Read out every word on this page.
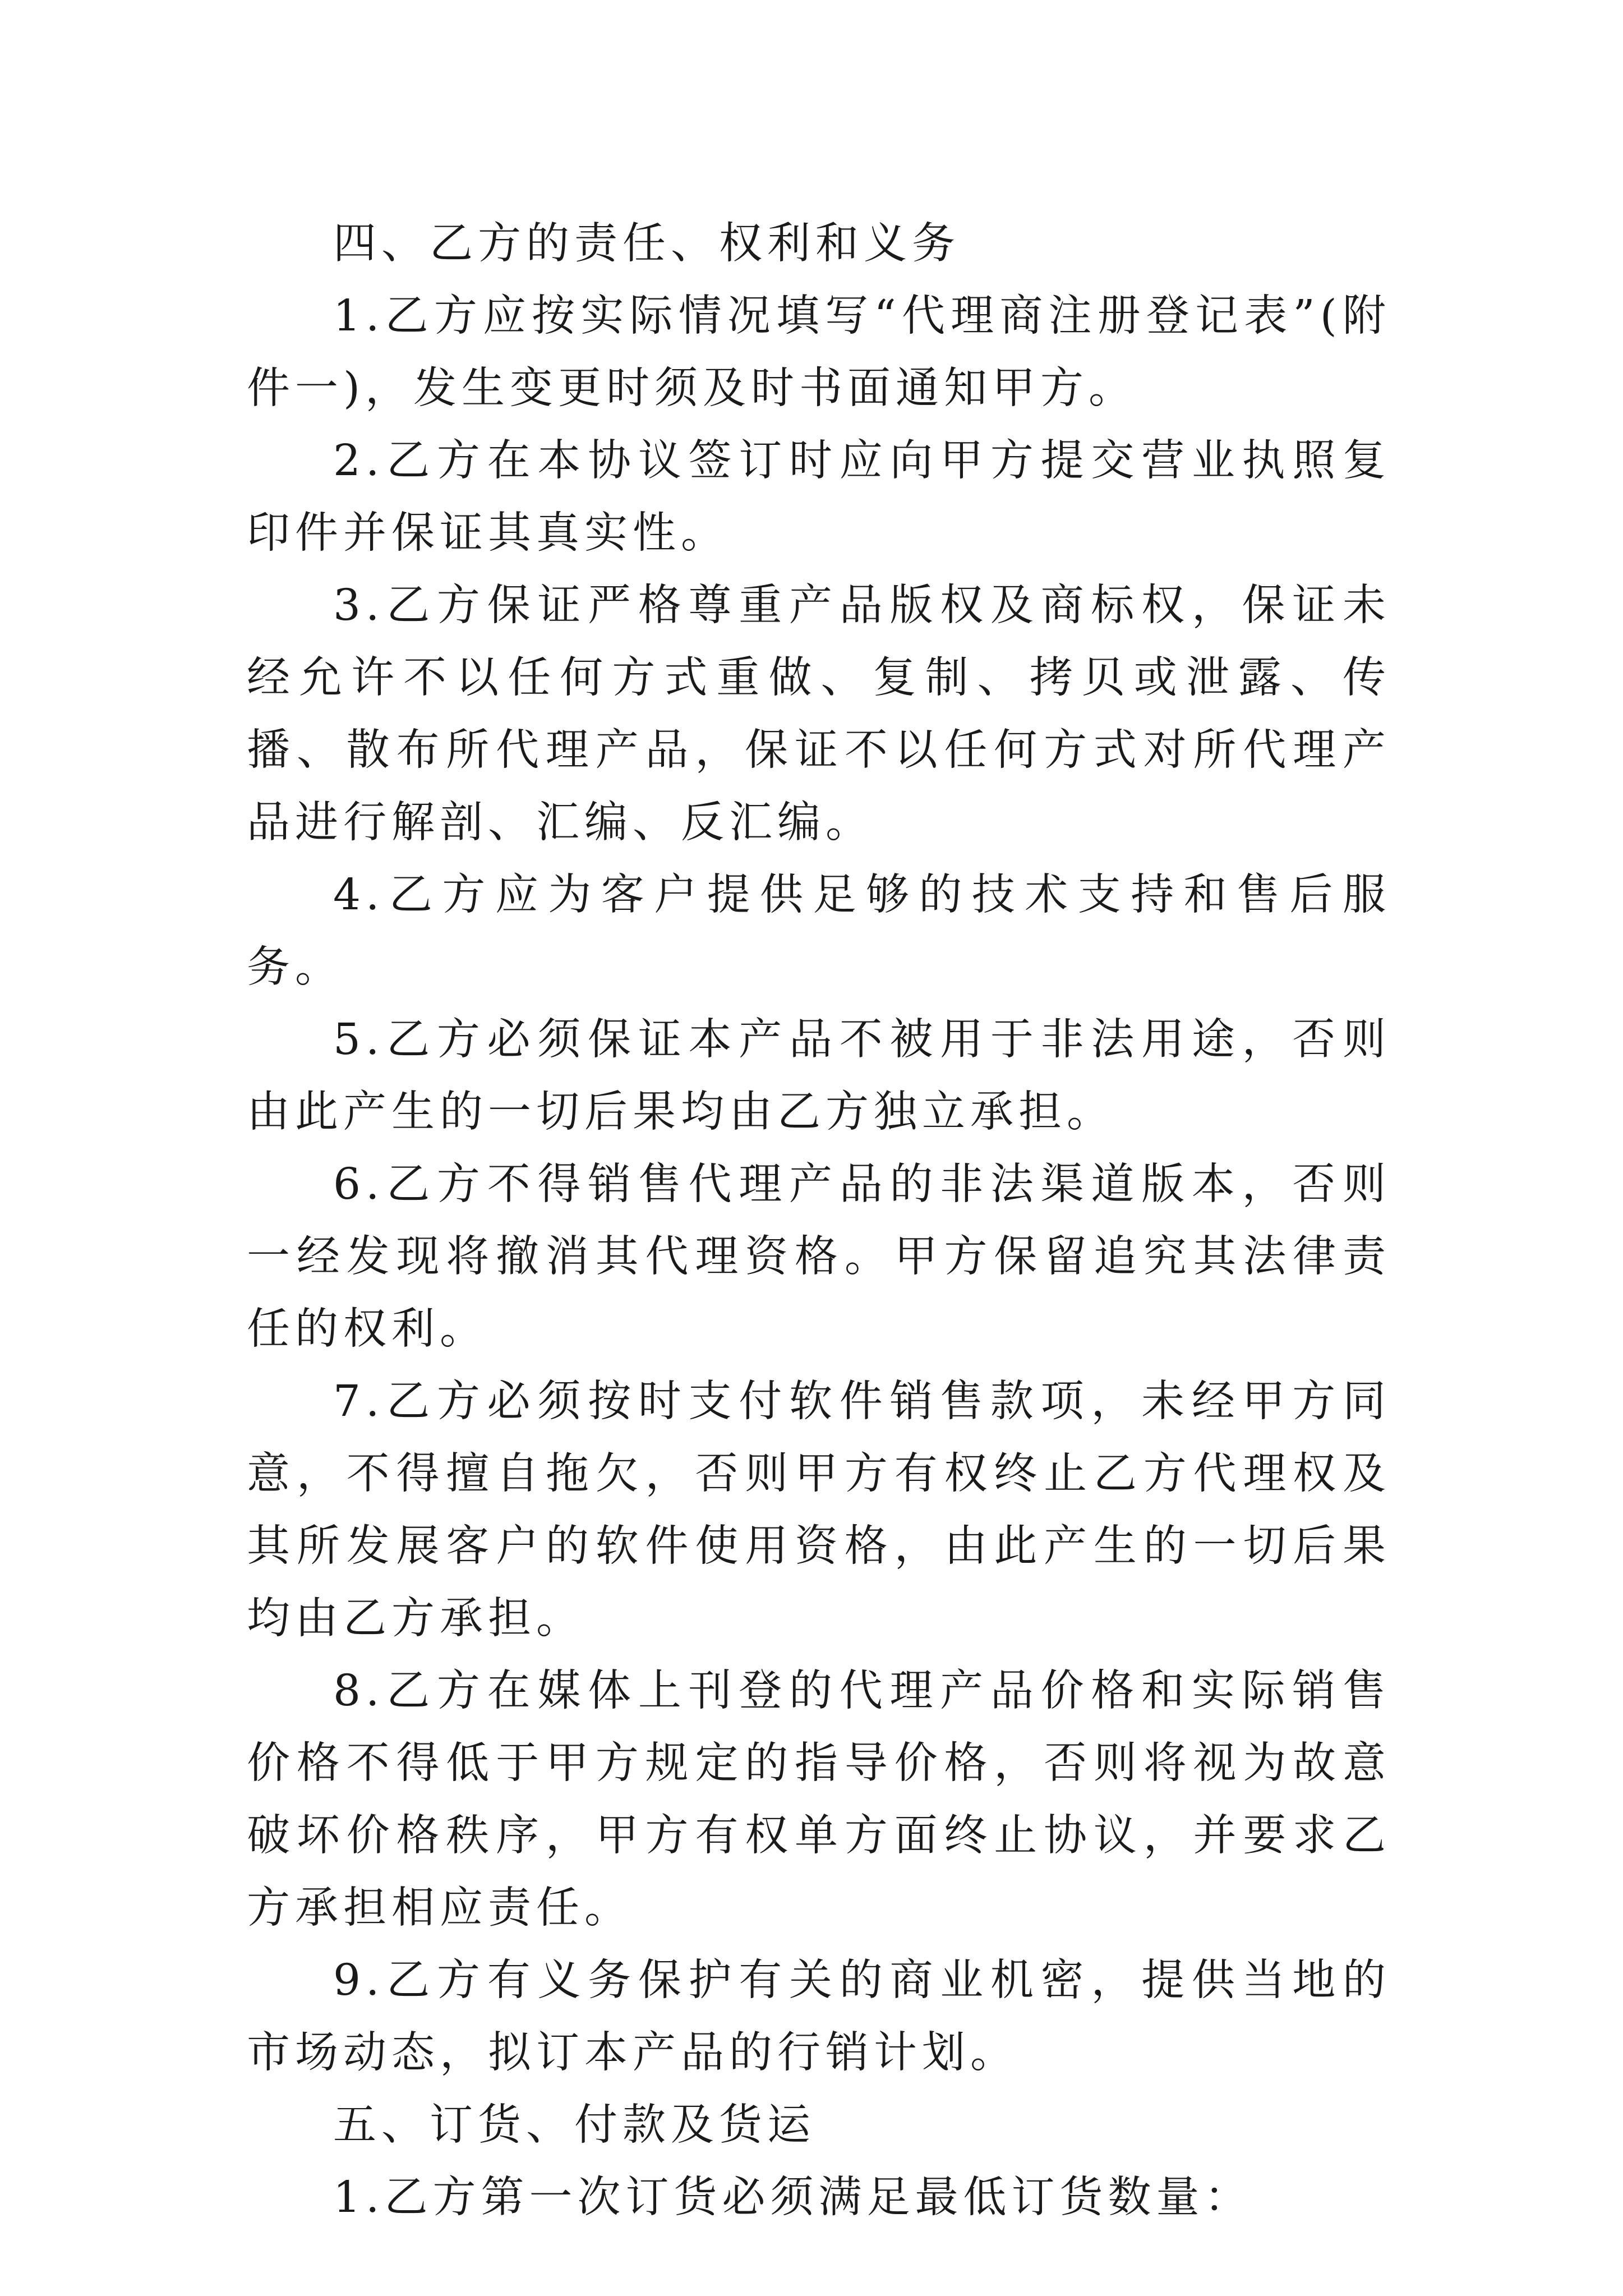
四、乙方的责任、权利和义务

1.乙方应按实际情况填写“代理商注册登记表”(附件一)，发生变更时须及时书面通知甲方。

2.乙方在本协议签订时应向甲方提交营业执照复印件并保证其真实性。

3.乙方保证严格尊重产品版权及商标权，保证未经允许不以任何方式重做、复制、拷贝或泄露、传播、散布所代理产品，保证不以任何方式对所代理产品进行解剖、汇编、反汇编。

4.乙方应为客户提供足够的技术支持和售后服务。

5.乙方必须保证本产品不被用于非法用途，否则由此产生的一切后果均由乙方独立承担。

6.乙方不得销售代理产品的非法渠道版本，否则一经发现将撤消其代理资格。甲方保留追究其法律责任的权利。

7.乙方必须按时支付软件销售款项，未经甲方同意，不得擅自拖欠，否则甲方有权终止乙方代理权及其所发展客户的软件使用资格，由此产生的一切后果均由乙方承担。

8.乙方在媒体上刊登的代理产品价格和实际销售价格不得低于甲方规定的指导价格，否则将视为故意破坏价格秩序，甲方有权单方面终止协议，并要求乙方承担相应责任。

9.乙方有义务保护有关的商业机密，提供当地的市场动态，拟订本产品的行销计划。

五、订货、付款及货运

1.乙方第一次订货必须满足最低订货数量：
